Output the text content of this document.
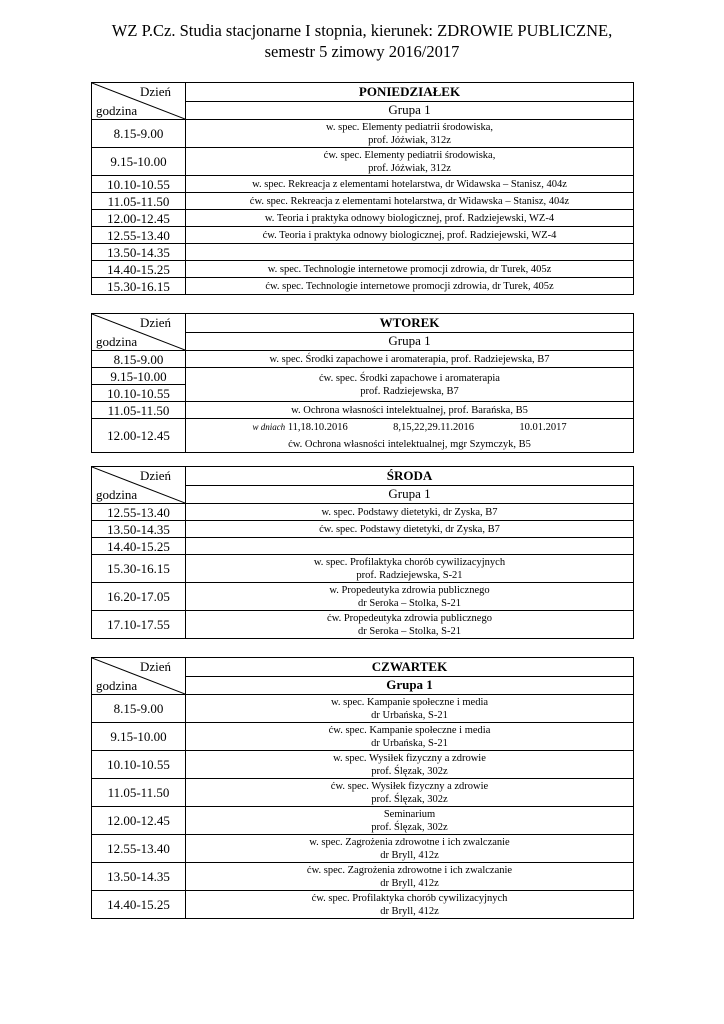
WZ P.Cz. Studia stacjonarne I stopnia, kierunek: ZDROWIE PUBLICZNE,
semestr 5 zimowy 2016/2017
Dzień
godzina	PONIEDZIAŁEK
	Grupa 1
8.15-9.00	w. spec. Elementy pediatrii środowiska,
prof. Jóźwiak, 312z

9.15-10.00	ćw. spec. Elementy pediatrii środowiska,
prof. Jóźwiak, 312z

10.10-10.55	w. spec. Rekreacja z elementami hotelarstwa, dr Widawska – Stanisz, 404z
11.05-11.50	ćw. spec. Rekreacja z elementami hotelarstwa, dr Widawska – Stanisz, 404z
12.00-12.45	w. Teoria i praktyka odnowy biologicznej, prof. Radziejewski, WZ-4
12.55-13.40	ćw. Teoria i praktyka odnowy biologicznej, prof. Radziejewski, WZ-4
13.50-14.35	
14.40-15.25	w. spec. Technologie internetowe promocji zdrowia, dr Turek, 405z
15.30-16.15	ćw. spec. Technologie internetowe promocji zdrowia, dr Turek, 405z
Dzień
godzina	WTOREK
	Grupa 1
8.15-9.00	w. spec. Środki zapachowe i aromaterapia, prof. Radziejewska, B7
9.15-10.00	ćw. spec. Środki zapachowe i aromaterapia
prof. Radziejewska, B7

10.10-10.55	
11.05-11.50	w. Ochrona własności intelektualnej, prof. Barańska, B5
12.00-12.45	w dniach 11,18.10.2016 8,15,22,29.11.2016 10.01.2017
ćw. Ochrona własności intelektualnej, mgr Szymczyk, B5
Dzień
godzina	ŚRODA
	Grupa 1
12.55-13.40	w. spec. Podstawy dietetyki, dr Zyska, B7
13.50-14.35	ćw. spec. Podstawy dietetyki, dr Zyska, B7
14.40-15.25	
15.30-16.15	w. spec. Profilaktyka chorób cywilizacyjnych
prof. Radziejewska, S-21

16.20-17.05	w. Propedeutyka zdrowia publicznego
dr Seroka – Stolka, S-21

17.10-17.55	ćw. Propedeutyka zdrowia publicznego
dr Seroka – Stolka, S-21
Dzień
godzina	CZWARTEK
	Grupa 1
8.15-9.00	w. spec. Kampanie społeczne i media
dr Urbańska, S-21

9.15-10.00	ćw. spec. Kampanie społeczne i media
dr Urbańska, S-21

10.10-10.55	w. spec. Wysiłek fizyczny a zdrowie
prof. Ślęzak, 302z

11.05-11.50	ćw. spec. Wysiłek fizyczny a zdrowie
prof. Ślęzak, 302z

12.00-12.45	Seminarium
prof. Ślęzak, 302z

12.55-13.40	w. spec. Zagrożenia zdrowotne i ich zwalczanie
dr Bryll, 412z

13.50-14.35	ćw. spec. Zagrożenia zdrowotne i ich zwalczanie
dr Bryll, 412z

14.40-15.25	ćw. spec. Profilaktyka chorób cywilizacyjnych
dr Bryll, 412z
